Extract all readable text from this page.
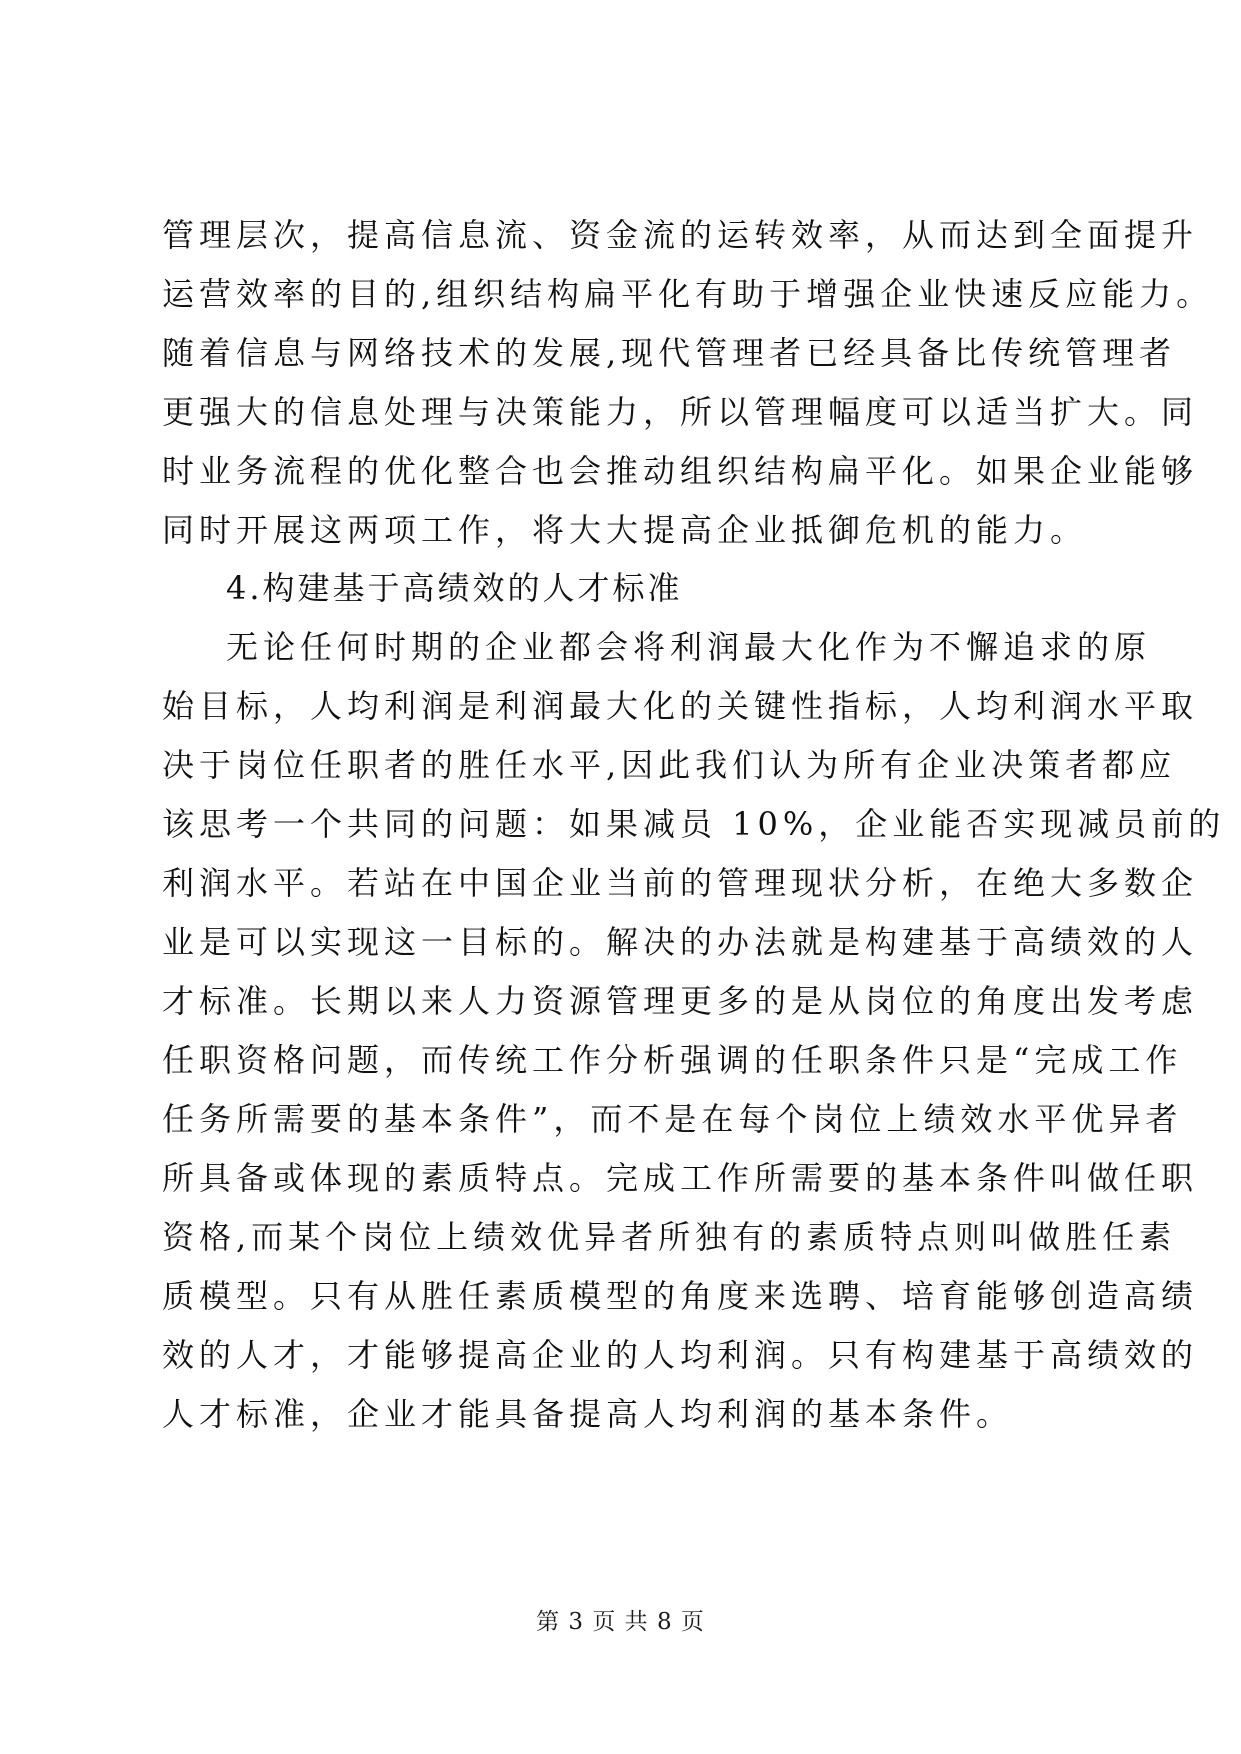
管理层次，提高信息流、资金流的运转效率，从而达到全面提升
运营效率的目的,组织结构扁平化有助于增强企业快速反应能力。
随着信息与网络技术的发展,现代管理者已经具备比传统管理者
更强大的信息处理与决策能力，所以管理幅度可以适当扩大。同
时业务流程的优化整合也会推动组织结构扁平化。如果企业能够
同时开展这两项工作，将大大提高企业抵御危机的能力。
4.构建基于高绩效的人才标准
无论任何时期的企业都会将利润最大化作为不懈追求的原
始目标，人均利润是利润最大化的关键性指标，人均利润水平取
决于岗位任职者的胜任水平,因此我们认为所有企业决策者都应
该思考一个共同的问题：如果减员 10%，企业能否实现减员前的
利润水平。若站在中国企业当前的管理现状分析，在绝大多数企
业是可以实现这一目标的。解决的办法就是构建基于高绩效的人
才标准。长期以来人力资源管理更多的是从岗位的角度出发考虑
任职资格问题，而传统工作分析强调的任职条件只是“完成工作
任务所需要的基本条件”，而不是在每个岗位上绩效水平优异者
所具备或体现的素质特点。完成工作所需要的基本条件叫做任职
资格,而某个岗位上绩效优异者所独有的素质特点则叫做胜任素
质模型。只有从胜任素质模型的角度来选聘、培育能够创造高绩
效的人才，才能够提高企业的人均利润。只有构建基于高绩效的
人才标准，企业才能具备提高人均利润的基本条件。
第 3 页 共 8 页
